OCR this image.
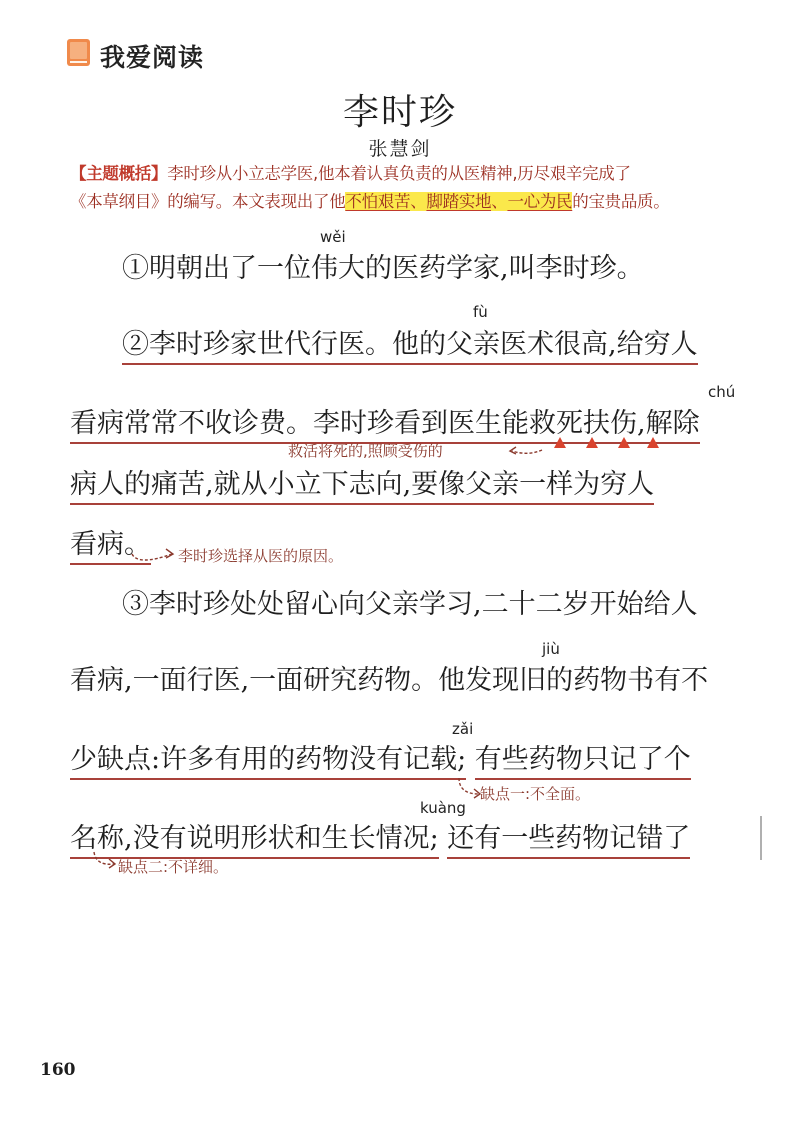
我爱阅读
李时珍
张慧剑

【主题概括】李时珍从小立志学医,他本着认真负责的从医精神,历尽艰辛完成了

《本草纲目》的编写。本文表现出了他不怕艰苦、脚踏实地、一心为民的宝贵品质。

wěi
①明朝出了一位伟大的医药学家,叫李时珍。
fù
②李时珍家世代行医。他的父亲医术很高,给穷人
chú
看病常常不收诊费。李时珍看到医生能救死扶伤,解除
救活将死的,照顾受伤的
病人的痛苦,就从小立下志向,要像父亲一样为穷人
看病。 李时珍选择从医的原因。
③李时珍处处留心向父亲学习,二十二岁开始给人
jiù
看病,一面行医,一面研究药物。他发现旧的药物书有不
zǎi
少缺点:许多有用的药物没有记载; 有些药物只记了个
缺点一:不全面。
kuàng
名称,没有说明形状和生长情况; 还有一些药物记错了
缺点二:不详细。
160
